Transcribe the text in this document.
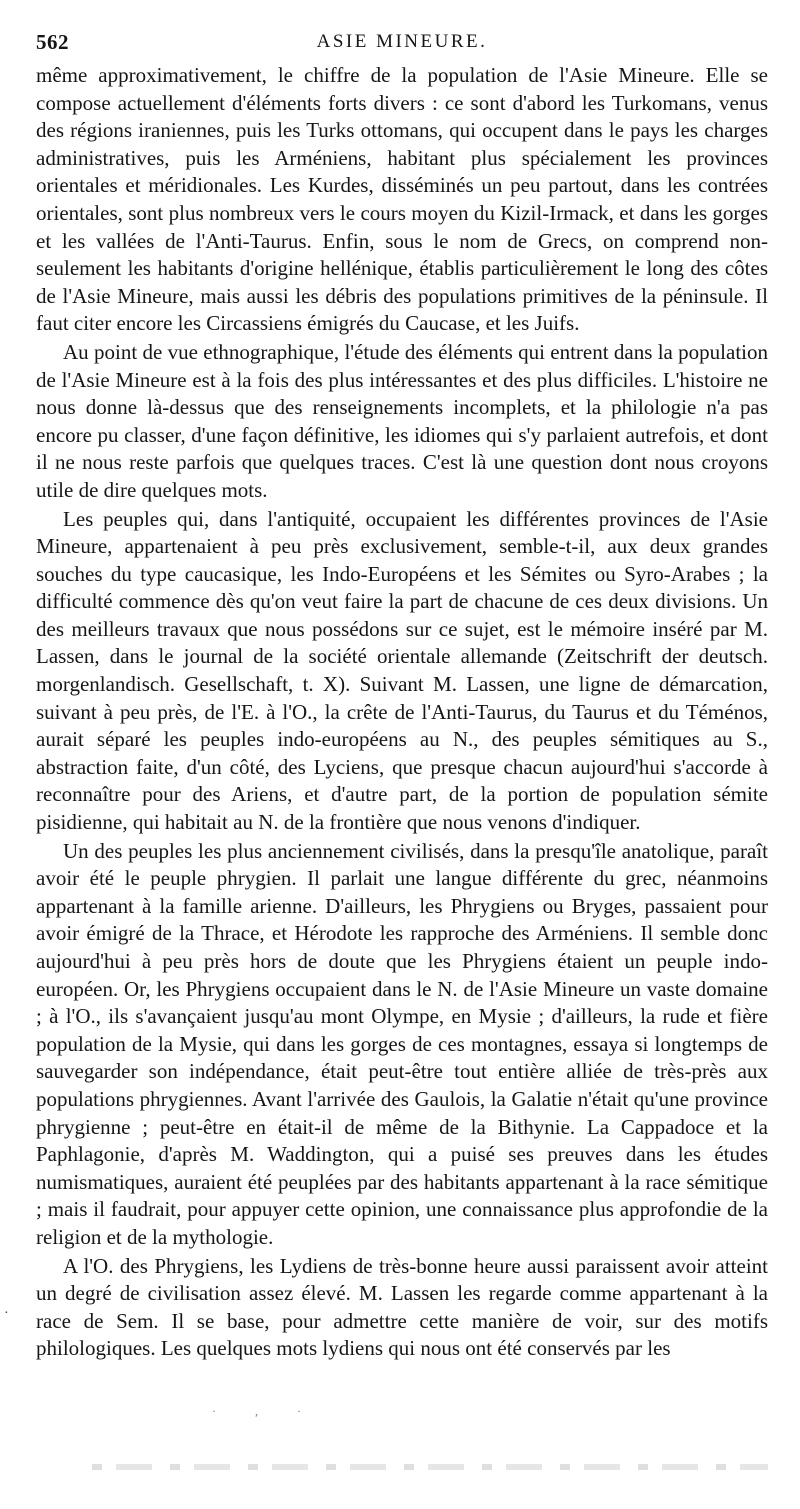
562	ASIE MINEURE.

même approximativement, le chiffre de la population de l'Asie Mineure. Elle se compose actuellement d'éléments forts divers : ce sont d'abord les Turkomans, venus des régions iraniennes, puis les Turks ottomans, qui occupent dans le pays les charges administratives, puis les Arméniens, habitant plus spécialement les provinces orientales et méridionales. Les Kurdes, disséminés un peu partout, dans les contrées orientales, sont plus nombreux vers le cours moyen du Kizil-Irmack, et dans les gorges et les vallées de l'Anti-Taurus. Enfin, sous le nom de Grecs, on comprend non-seulement les habitants d'origine hellénique, établis particulièrement le long des côtes de l'Asie Mineure, mais aussi les débris des populations primitives de la péninsule. Il faut citer encore les Circassiens émigrés du Caucase, et les Juifs.

Au point de vue ethnographique, l'étude des éléments qui entrent dans la population de l'Asie Mineure est à la fois des plus intéressantes et des plus difficiles. L'histoire ne nous donne là-dessus que des renseignements incomplets, et la philologie n'a pas encore pu classer, d'une façon définitive, les idiomes qui s'y parlaient autrefois, et dont il ne nous reste parfois que quelques traces. C'est là une question dont nous croyons utile de dire quelques mots.

Les peuples qui, dans l'antiquité, occupaient les différentes provinces de l'Asie Mineure, appartenaient à peu près exclusivement, semble-t-il, aux deux grandes souches du type caucasique, les Indo-Européens et les Sémites ou Syro-Arabes ; la difficulté commence dès qu'on veut faire la part de chacune de ces deux divisions. Un des meilleurs travaux que nous possédons sur ce sujet, est le mémoire inséré par M. Lassen, dans le journal de la société orientale allemande (Zeitschrift der deutsch. morgenlandisch. Gesellschaft, t. X). Suivant M. Lassen, une ligne de démarcation, suivant à peu près, de l'E. à l'O., la crête de l'Anti-Taurus, du Taurus et du Téménos, aurait séparé les peuples indo-européens au N., des peuples sémitiques au S., abstraction faite, d'un côté, des Lyciens, que presque chacun aujourd'hui s'accorde à reconnaître pour des Ariens, et d'autre part, de la portion de population sémite pisidienne, qui habitait au N. de la frontière que nous venons d'indiquer.

Un des peuples les plus anciennement civilisés, dans la presqu'île anatolique, paraît avoir été le peuple phrygien. Il parlait une langue différente du grec, néanmoins appartenant à la famille arienne. D'ailleurs, les Phrygiens ou Bryges, passaient pour avoir émigré de la Thrace, et Hérodote les rapproche des Arméniens. Il semble donc aujourd'hui à peu près hors de doute que les Phrygiens étaient un peuple indo-européen. Or, les Phrygiens occupaient dans le N. de l'Asie Mineure un vaste domaine ; à l'O., ils s'avançaient jusqu'au mont Olympe, en Mysie ; d'ailleurs, la rude et fière population de la Mysie, qui dans les gorges de ces montagnes, essaya si longtemps de sauvegarder son indépendance, était peut-être tout entière alliée de très-près aux populations phrygiennes. Avant l'arrivée des Gaulois, la Galatie n'était qu'une province phrygienne ; peut-être en était-il de même de la Bithynie. La Cappadoce et la Paphlagonie, d'après M. Waddington, qui a puisé ses preuves dans les études numismatiques, auraient été peuplées par des habitants appartenant à la race sémitique ; mais il faudrait, pour appuyer cette opinion, une connaissance plus approfondie de la religion et de la mythologie.

A l'O. des Phrygiens, les Lydiens de très-bonne heure aussi paraissent avoir atteint un degré de civilisation assez élevé. M. Lassen les regarde comme appartenant à la race de Sem. Il se base, pour admettre cette manière de voir, sur des motifs philologiques. Les quelques mots lydiens qui nous ont été conservés par les

·
· , ·
